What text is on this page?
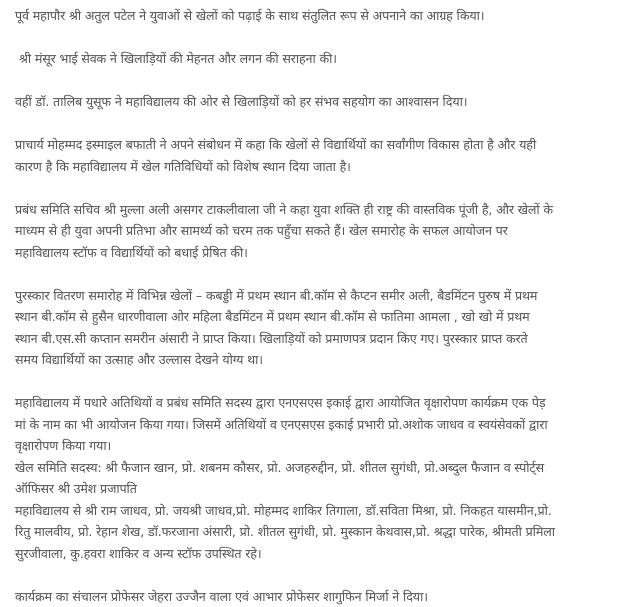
पूर्व महापौर श्री अतुल पटेल ने युवाओं से खेलों को पढ़ाई के साथ संतुलित रूप से अपनाने का आग्रह किया।

श्री मंसूर भाई सेवक ने खिलाड़ियों की मेहनत और लगन की सराहना की।

वहीं डॉ. तालिब युसूफ ने महाविद्यालय की ओर से खिलाड़ियों को हर संभव सहयोग का आश्वासन दिया।

प्राचार्य मोहम्मद इस्माइल बफाती ने अपने संबोधन में कहा कि खेलों से विद्यार्थियों का सर्वांगीण विकास होता है और यही
कारण है कि महाविद्यालय में खेल गतिविधियों को विशेष स्थान दिया जाता है।

प्रबंध समिति सचिव श्री मुल्ला अली असगर टाकलीवाला जी ने कहा युवा शक्ति ही राष्ट्र की वास्तविक पूंजी है, और खेलों के
माध्यम से ही युवा अपनी प्रतिभा और सामर्थ्य को चरम तक पहुँचा सकते हैं। खेल समारोह के सफल आयोजन पर
महाविद्यालय स्टॉफ व विद्यार्थियों को बधाई प्रेषित की।

पुरस्कार वितरण समारोह में विभिन्न खेलों – कबड्डी में प्रथम स्थान बी.कॉम से कैप्टन समीर अली, बैडमिंटन पुरुष में प्रथम
स्थान बी.कॉम से हुसैन धारणीवाला ओर महिला बैडमिंटन में प्रथम स्थान बी.कॉम से फातिमा आमला , खो खो में प्रथम
स्थान बी.एस.सी कप्तान समरीन अंसारी ने प्राप्त किया। खिलाड़ियों को प्रमाणपत्र प्रदान किए गए। पुरस्कार प्राप्त करते
समय विद्यार्थियों का उत्साह और उल्लास देखने योग्य था।

महाविद्यालय में पधारे अतिथियों व प्रबंध समिति सदस्य द्वारा एनएसएस इकाई द्वारा आयोजित वृक्षारोपण कार्यक्रम एक पेड़
मां के नाम का भी आयोजन किया गया। जिसमें अतिथियों व एनएसएस इकाई प्रभारी प्रो.अशोक जाधव व स्वयंसेवकों द्वारा
वृक्षारोपण किया गया।

खेल समिति सदस्य: श्री फैजान खान, प्रो. शबनम कौसर, प्रो. अजहरुद्दीन, प्रो. शीतल सुगंधी, प्रो.अब्दुल फैजान व स्पोर्ट्स
ऑफिसर श्री उमेश प्रजापति

महाविद्यालय से श्री राम जाधव, प्रो. जयश्री जाधव,प्रो. मोहम्मद शाकिर तिगाला, डॉ.सविता मिश्रा, प्रो. निकहत यासमीन,प्रो.
रितु मालवीय, प्रो. रेहान शेख, डॉ.फरजाना अंसारी, प्रो. शीतल सुगंधी, प्रो. मुस्कान केथवास,प्रो. श्रद्धा पारेक, श्रीमती प्रमिला
सुरजीवाला, कु.हवरा शाकिर व अन्य स्टॉफ उपस्थित रहे।

कार्यक्रम का संचालन प्रोफेसर जेहरा उज्जैन वाला एवं आभार प्रोफेसर शागुफिन मिर्जा ने दिया।
